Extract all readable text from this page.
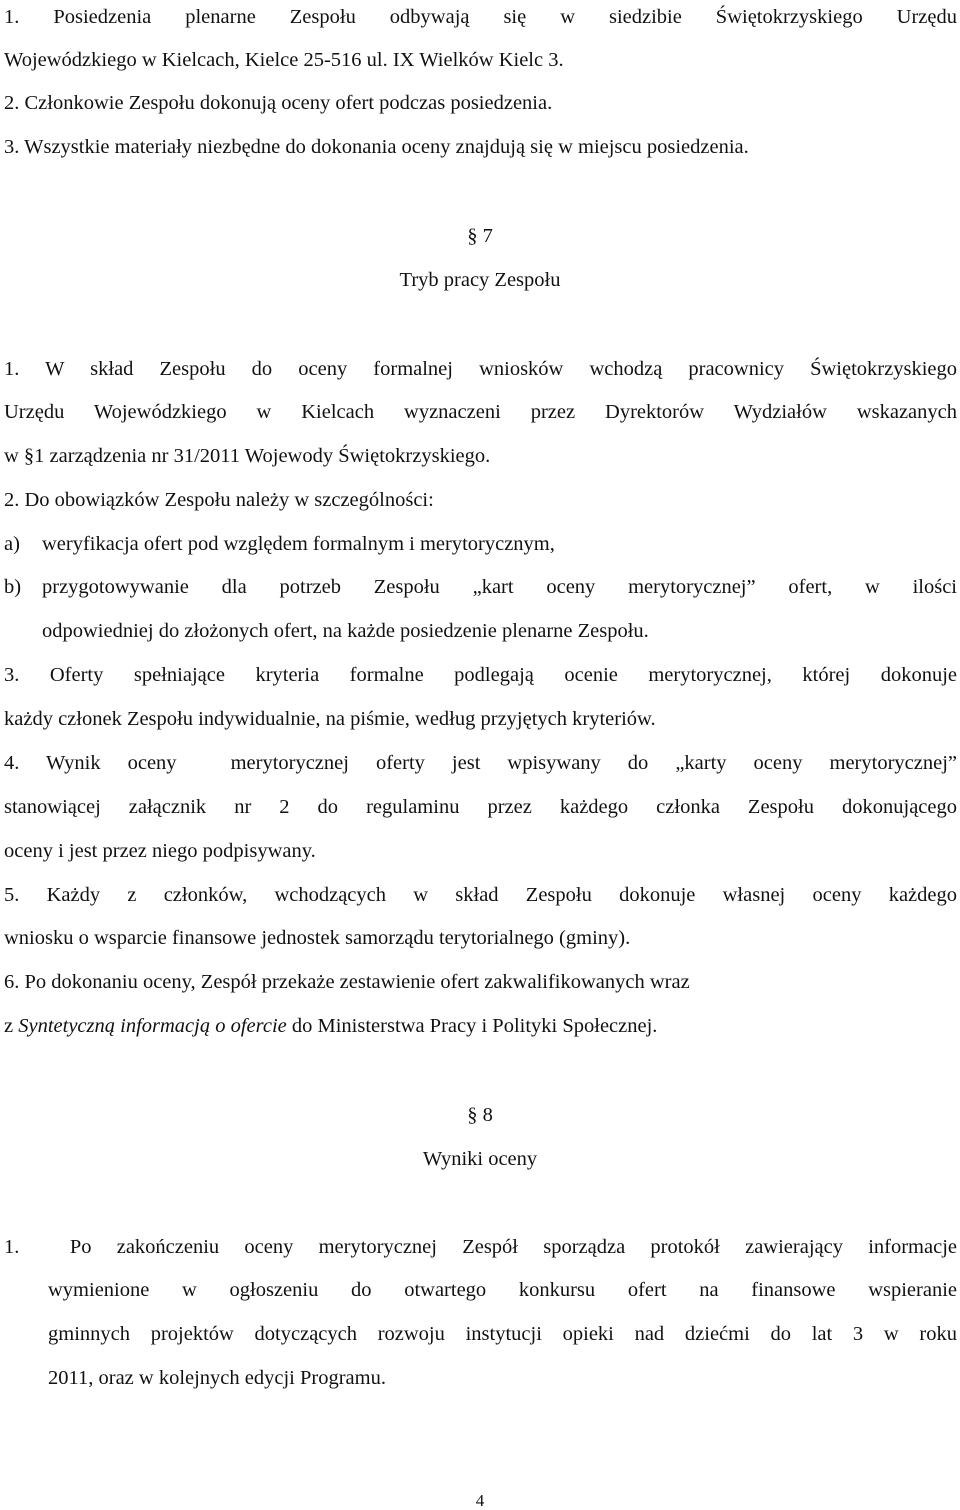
1. Posiedzenia plenarne Zespołu odbywają się w siedzibie Świętokrzyskiego Urzędu
Wojewódzkiego w Kielcach, Kielce 25-516 ul. IX Wielków Kielc 3.
2. Członkowie Zespołu dokonują oceny ofert podczas posiedzenia.
3. Wszystkie materiały niezbędne do dokonania oceny znajdują się w miejscu posiedzenia.
§ 7
Tryb pracy Zespołu
1. W skład Zespołu do oceny formalnej wniosków wchodzą pracownicy Świętokrzyskiego
Urzędu Wojewódzkiego w Kielcach wyznaczeni przez Dyrektorów Wydziałów wskazanych
w §1 zarządzenia nr 31/2011 Wojewody Świętokrzyskiego.
2. Do obowiązków Zespołu należy w szczególności:
a) weryfikacja ofert pod względem formalnym i merytorycznym,
b) przygotowywanie dla potrzeb Zespołu „kart oceny merytorycznej” ofert, w ilości
odpowiedniej do złożonych ofert, na każde posiedzenie plenarne Zespołu.
3. Oferty spełniające kryteria formalne podlegają ocenie merytorycznej, której dokonuje
każdy członek Zespołu indywidualnie, na piśmie, według przyjętych kryteriów.
4. Wynik oceny  merytorycznej oferty jest wpisywany do „karty oceny merytorycznej”
stanowiącej załącznik nr 2 do regulaminu przez każdego członka Zespołu dokonującego
oceny i jest przez niego podpisywany.
5. Każdy z członków, wchodzących w skład Zespołu dokonuje własnej oceny każdego
wniosku o wsparcie finansowe jednostek samorządu terytorialnego (gminy).
6. Po dokonaniu oceny, Zespół przekaże zestawienie ofert zakwalifikowanych wraz
z Syntetyczną informacją o ofercie do Ministerstwa Pracy i Polityki Społecznej.
§ 8
Wyniki oceny
1.  Po zakończeniu oceny merytorycznej Zespół sporządza protokół zawierający informacje
wymienione w ogłoszeniu do otwartego konkursu ofert na finansowe wspieranie
gminnych projektów dotyczących rozwoju instytucji opieki nad dziećmi do lat 3 w roku
2011, oraz w kolejnych edycji Programu.
4
